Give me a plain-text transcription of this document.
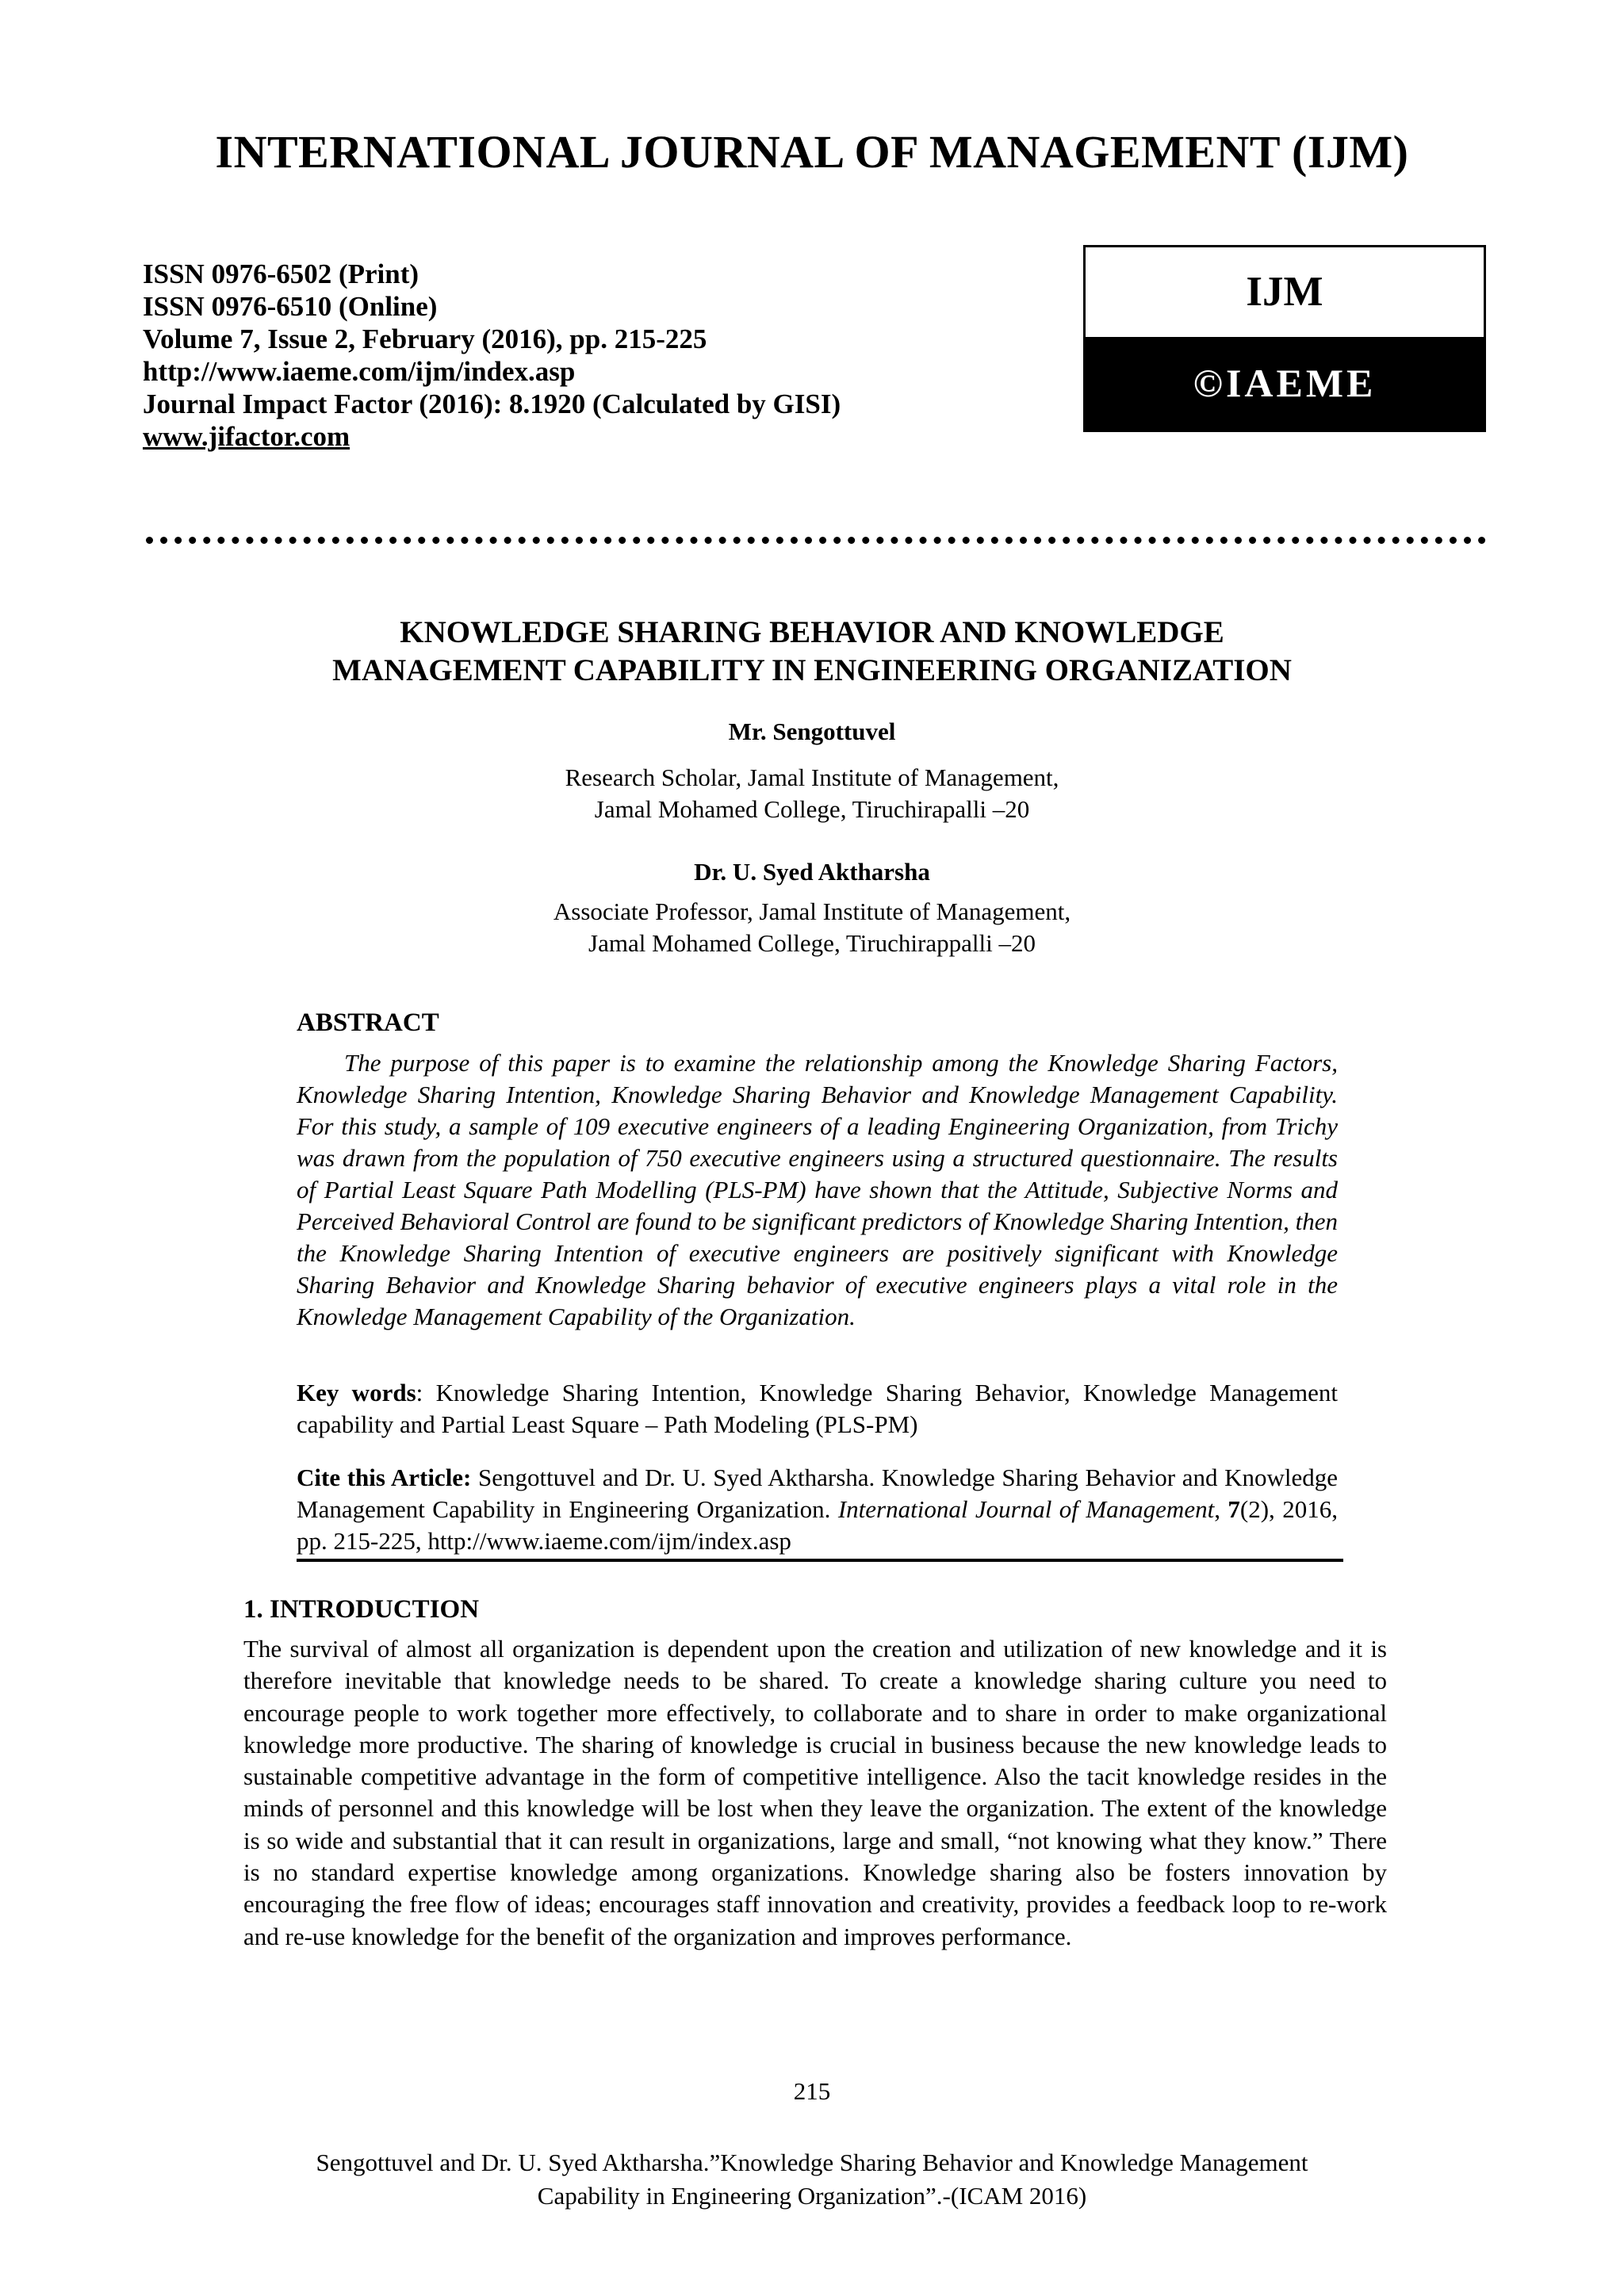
INTERNATIONAL JOURNAL OF MANAGEMENT (IJM)
ISSN 0976-6502 (Print)
ISSN 0976-6510 (Online)
Volume 7, Issue 2, February (2016), pp. 215-225
http://www.iaeme.com/ijm/index.asp
Journal Impact Factor (2016): 8.1920 (Calculated by GISI)
www.jifactor.com
IJM
©IAEME
KNOWLEDGE SHARING BEHAVIOR AND KNOWLEDGE
MANAGEMENT CAPABILITY IN ENGINEERING ORGANIZATION
Mr. Sengottuvel
Research Scholar, Jamal Institute of Management,
Jamal Mohamed College, Tiruchirapalli –20
Dr. U. Syed Aktharsha
Associate Professor, Jamal Institute of Management,
Jamal Mohamed College, Tiruchirappalli –20
ABSTRACT
The purpose of this paper is to examine the relationship among the Knowledge Sharing Factors, Knowledge Sharing Intention, Knowledge Sharing Behavior and Knowledge Management Capability. For this study, a sample of 109 executive engineers of a leading Engineering Organization, from Trichy was drawn from the population of 750 executive engineers using a structured questionnaire. The results of Partial Least Square Path Modelling (PLS-PM) have shown that the Attitude, Subjective Norms and Perceived Behavioral Control are found to be significant predictors of Knowledge Sharing Intention, then the Knowledge Sharing Intention of executive engineers are positively significant with Knowledge Sharing Behavior and Knowledge Sharing behavior of executive engineers plays a vital role in the Knowledge Management Capability of the Organization.
Key words: Knowledge Sharing Intention, Knowledge Sharing Behavior, Knowledge Management capability and Partial Least Square – Path Modeling (PLS-PM)
Cite this Article: Sengottuvel and Dr. U. Syed Aktharsha. Knowledge Sharing Behavior and Knowledge Management Capability in Engineering Organization. International Journal of Management, 7(2), 2016, pp. 215-225, http://www.iaeme.com/ijm/index.asp
1. INTRODUCTION
The survival of almost all organization is dependent upon the creation and utilization of new knowledge and it is therefore inevitable that knowledge needs to be shared. To create a knowledge sharing culture you need to encourage people to work together more effectively, to collaborate and to share in order to make organizational knowledge more productive. The sharing of knowledge is crucial in business because the new knowledge leads to sustainable competitive advantage in the form of competitive intelligence. Also the tacit knowledge resides in the minds of personnel and this knowledge will be lost when they leave the organization. The extent of the knowledge is so wide and substantial that it can result in organizations, large and small, “not knowing what they know.” There is no standard expertise knowledge among organizations. Knowledge sharing also be fosters innovation by encouraging the free flow of ideas; encourages staff innovation and creativity, provides a feedback loop to re-work and re-use knowledge for the benefit of the organization and improves performance.
215
Sengottuvel and Dr. U. Syed Aktharsha.”Knowledge Sharing Behavior and Knowledge Management
Capability in Engineering Organization”.-(ICAM 2016)
